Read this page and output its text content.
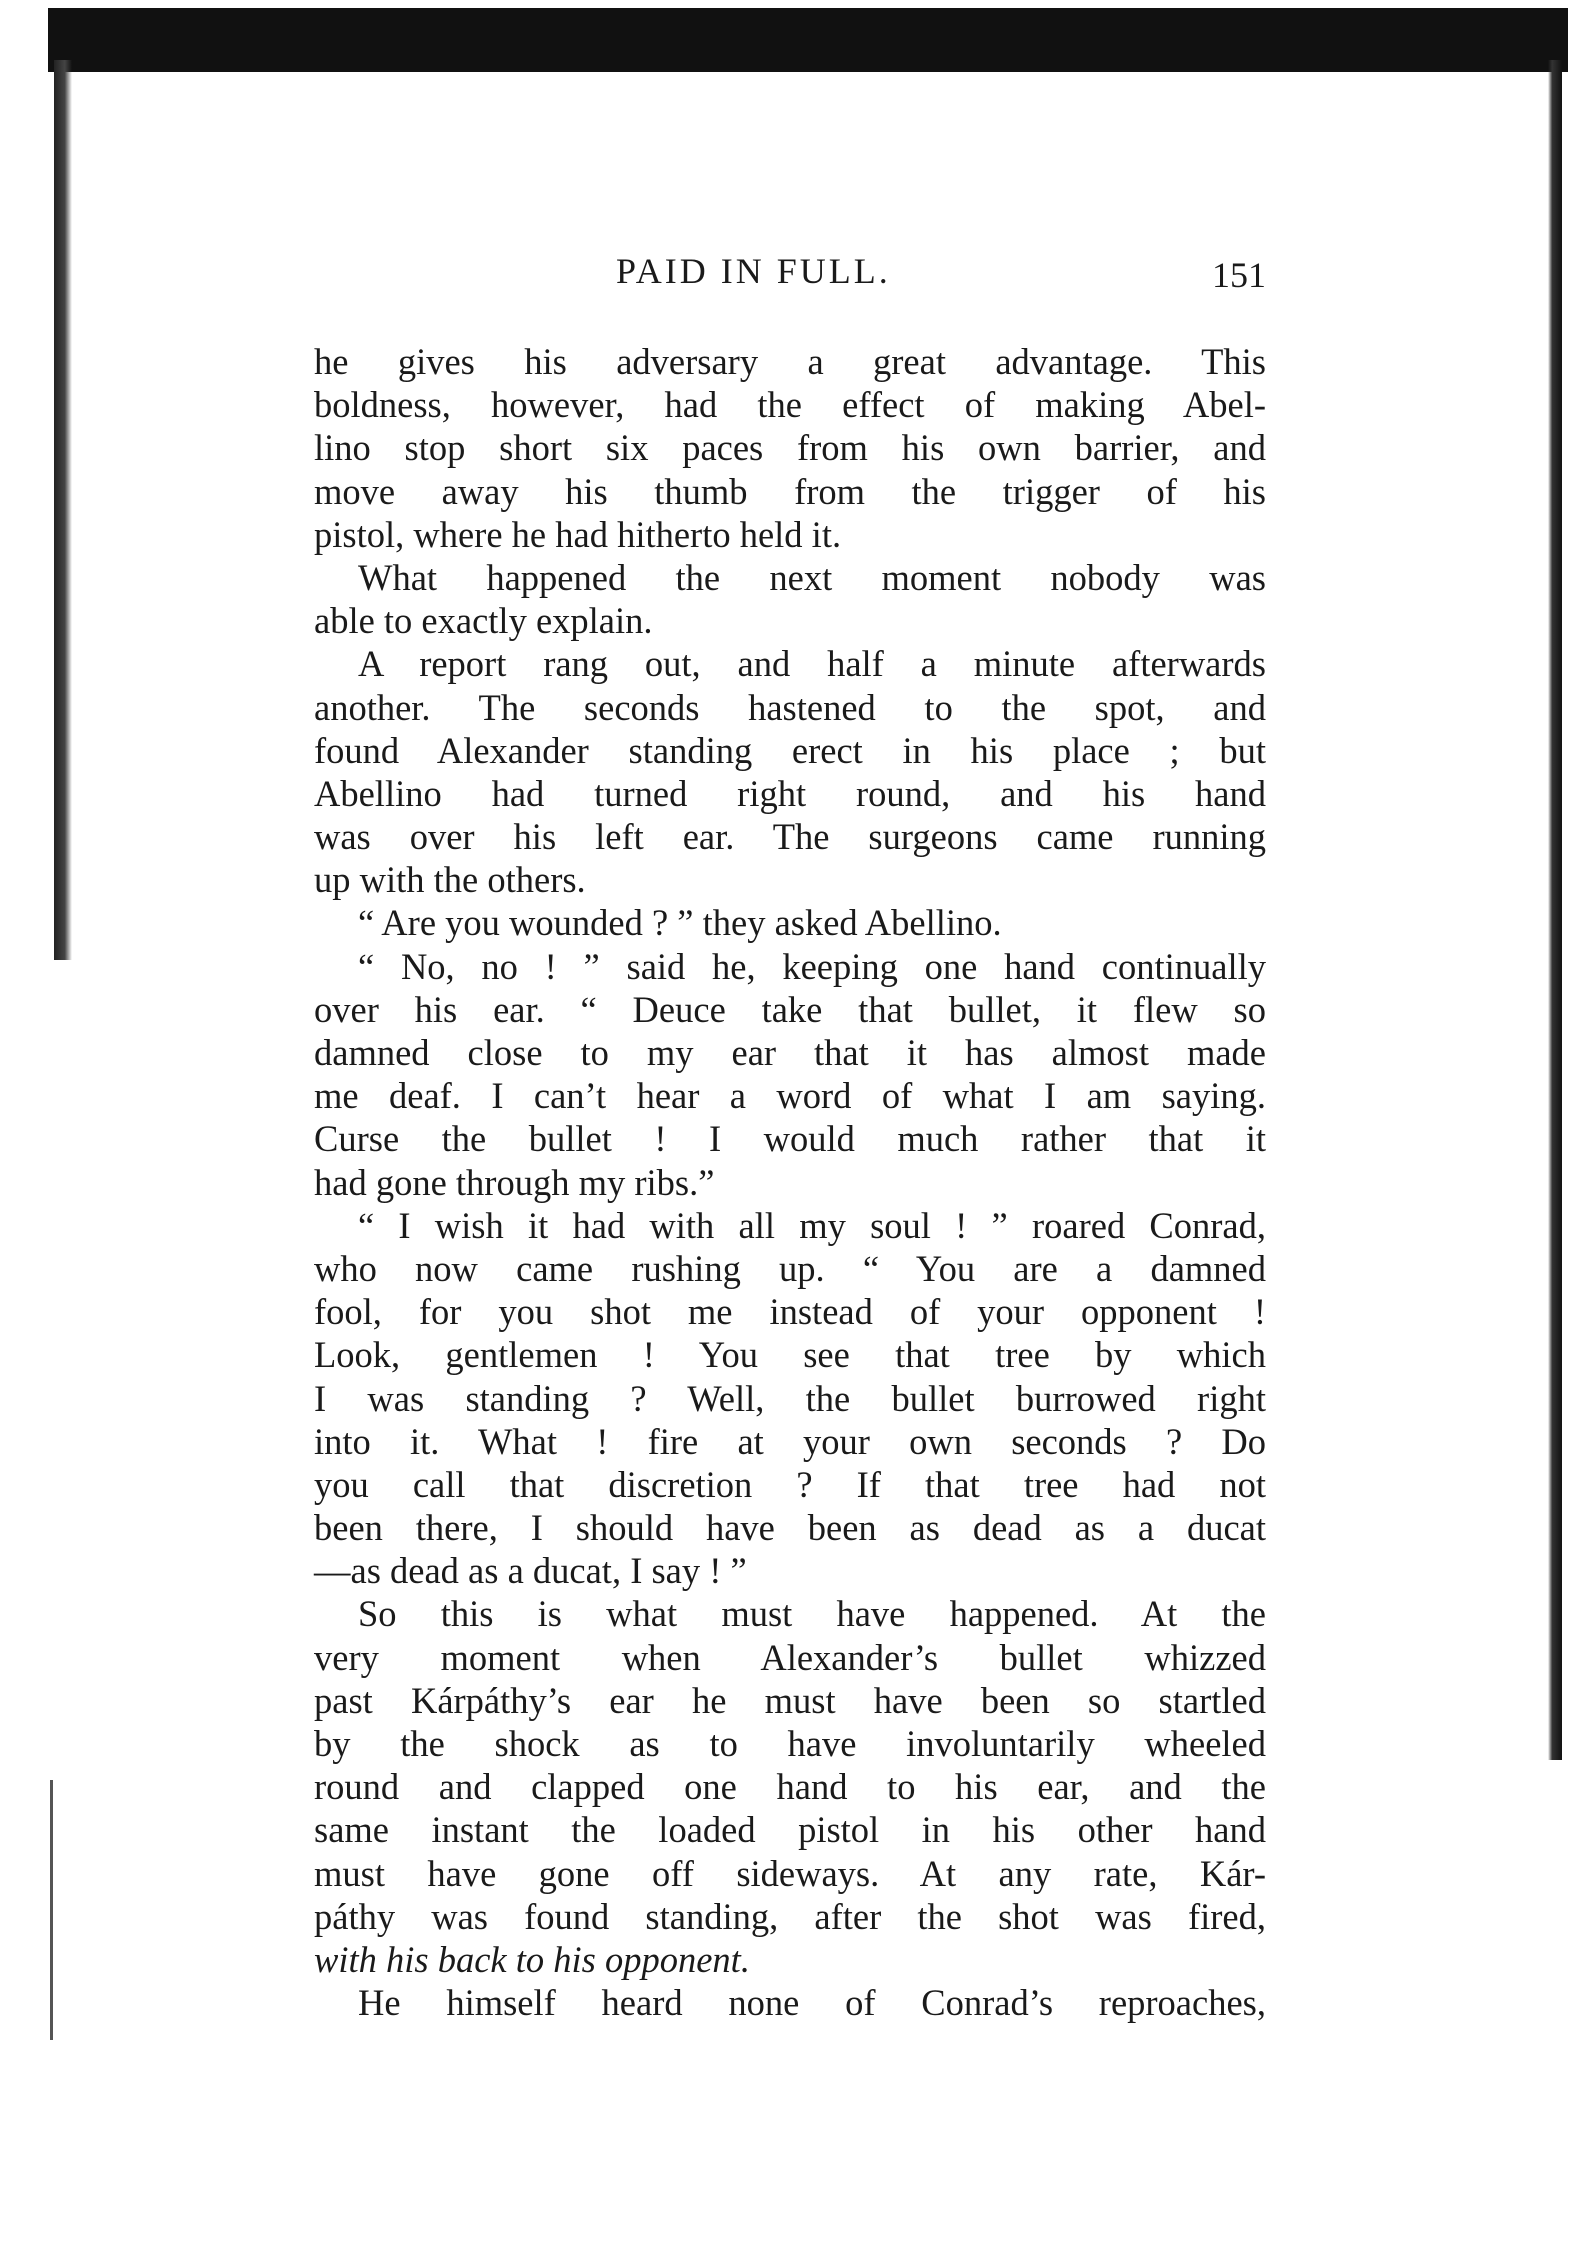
PAID IN FULL.	151
he gives his adversary a great advantage. This
boldness, however, had the effect of making Abel-
lino stop short six paces from his own barrier, and
move away his thumb from the trigger of his
pistol, where he had hitherto held it.
What happened the next moment nobody was
able to exactly explain.
A report rang out, and half a minute afterwards
another. The seconds hastened to the spot, and
found Alexander standing erect in his place ; but
Abellino had turned right round, and his hand
was over his left ear. The surgeons came running
up with the others.
“ Are you wounded ? ” they asked Abellino.
“ No, no ! ” said he, keeping one hand continually
over his ear. “ Deuce take that bullet, it flew so
damned close to my ear that it has almost made
me deaf. I can’t hear a word of what I am saying.
Curse the bullet ! I would much rather that it
had gone through my ribs.”
“ I wish it had with all my soul ! ” roared Conrad,
who now came rushing up. “ You are a damned
fool, for you shot me instead of your opponent !
Look, gentlemen ! You see that tree by which
I was standing ? Well, the bullet burrowed right
into it. What ! fire at your own seconds ? Do
you call that discretion ? If that tree had not
been there, I should have been as dead as a ducat
—as dead as a ducat, I say ! ”
So this is what must have happened. At the
very moment when Alexander’s bullet whizzed
past Kárpáthy’s ear he must have been so startled
by the shock as to have involuntarily wheeled
round and clapped one hand to his ear, and the
same instant the loaded pistol in his other hand
must have gone off sideways. At any rate, Kár-
páthy was found standing, after the shot was fired,
with his back to his opponent.
He himself heard none of Conrad’s reproaches,
